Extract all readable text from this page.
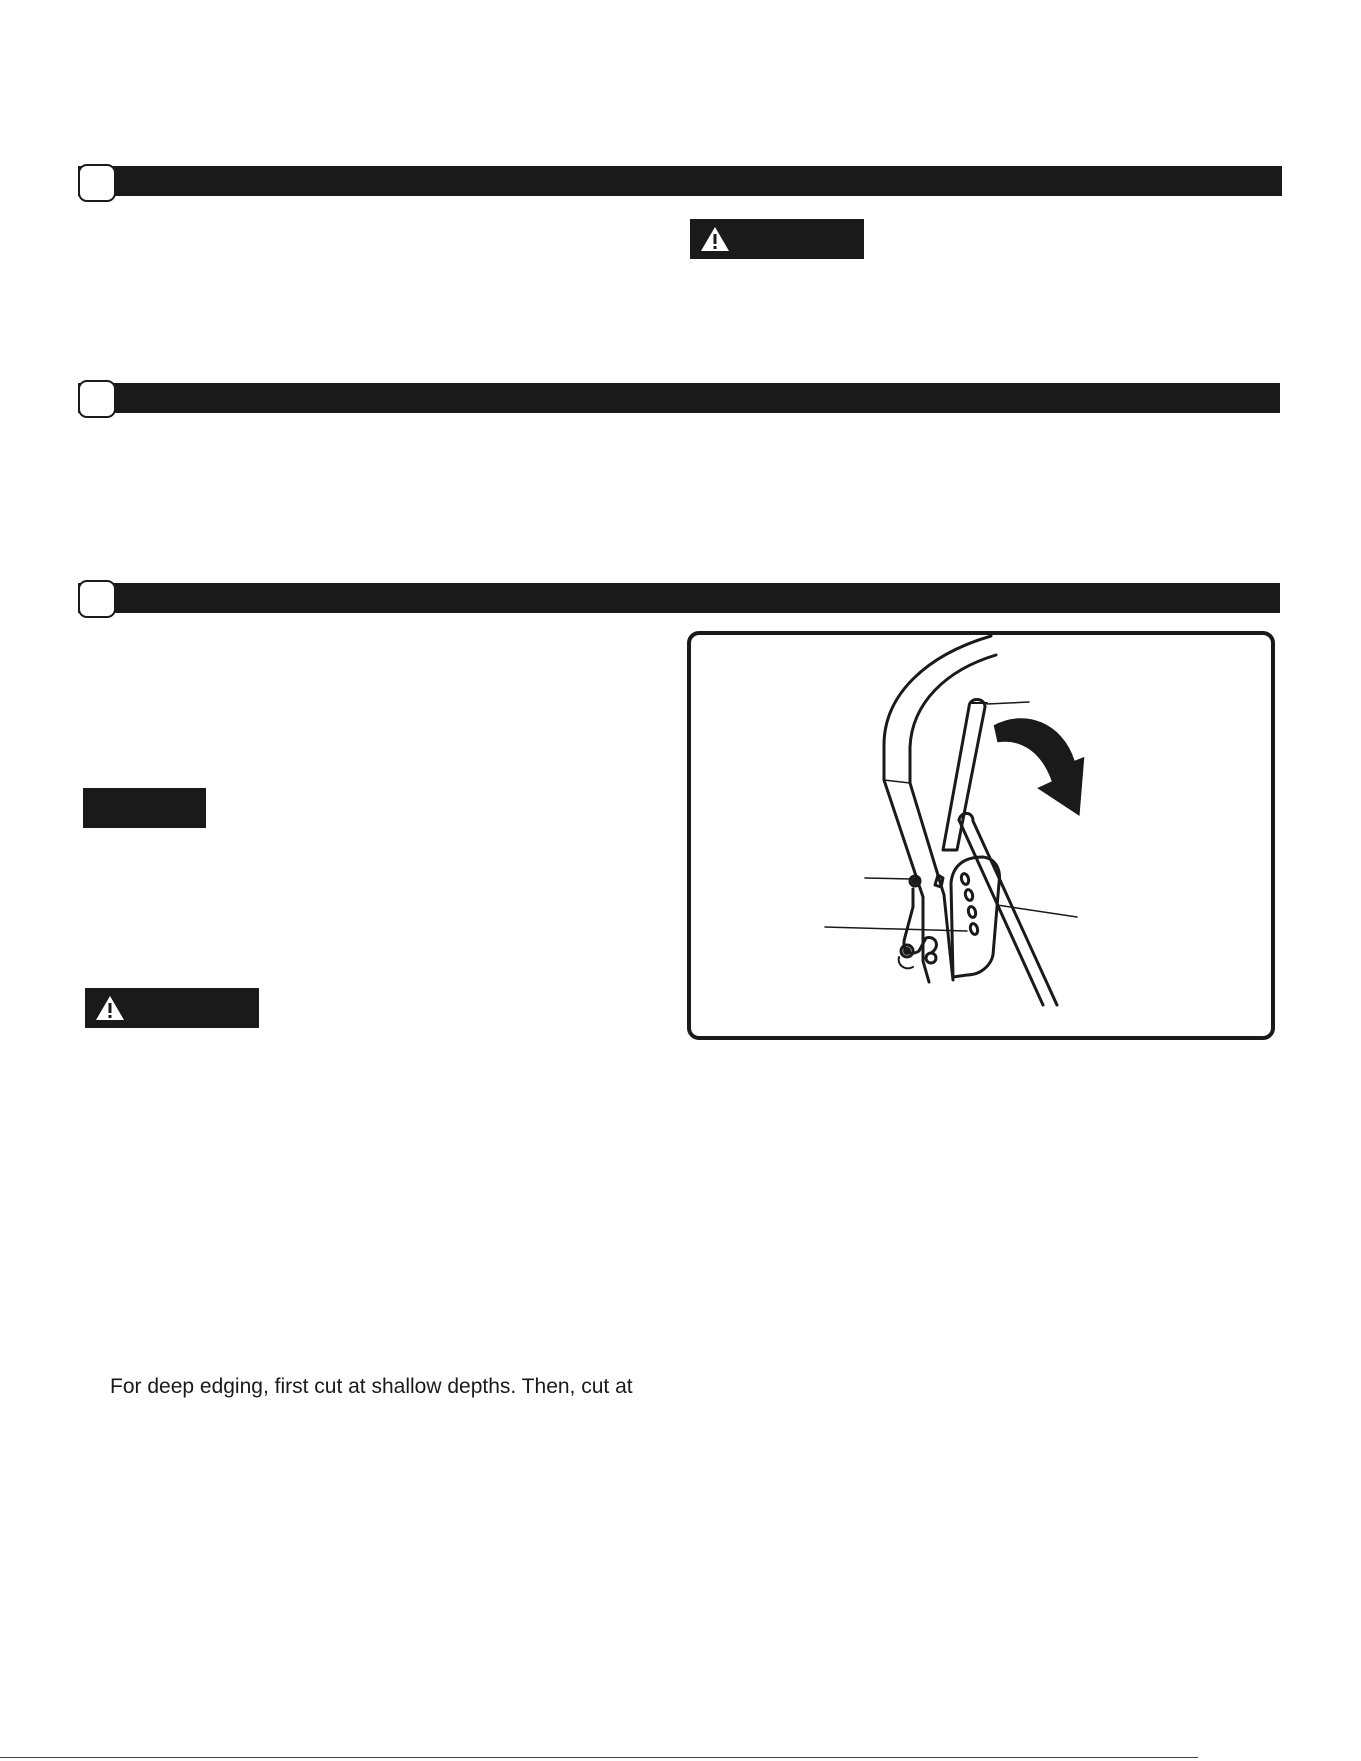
For deep edging, first cut at shallow depths. Then, cut at
